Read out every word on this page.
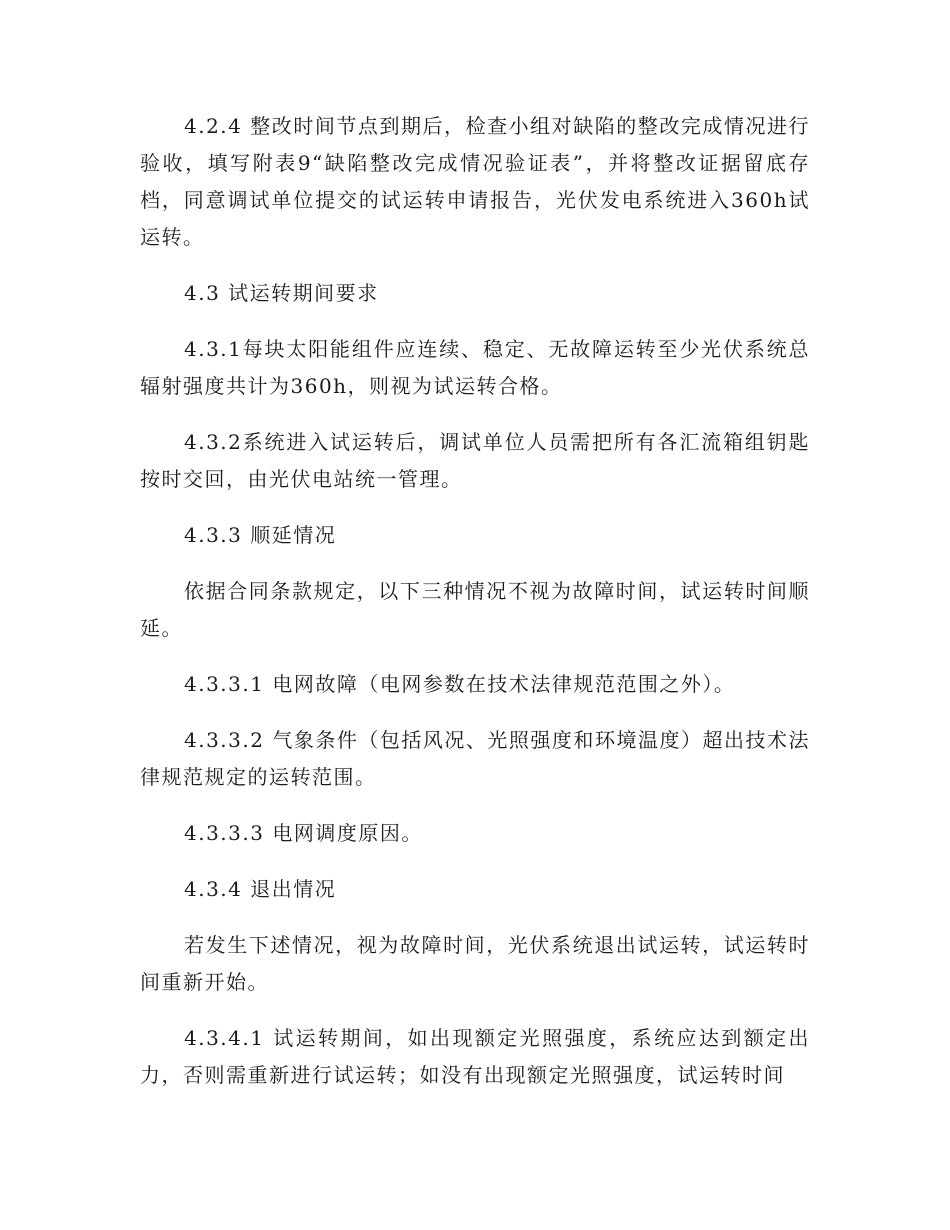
4.2.4 整改时间节点到期后，检查小组对缺陷的整改完成情况进行验收，填写附表9“缺陷整改完成情况验证表”，并将整改证据留底存档，同意调试单位提交的试运转申请报告，光伏发电系统进入360h试运转。

4.3 试运转期间要求

4.3.1每块太阳能组件应连续、稳定、无故障运转至少光伏系统总辐射强度共计为360h，则视为试运转合格。

4.3.2系统进入试运转后，调试单位人员需把所有各汇流箱组钥匙按时交回，由光伏电站统一管理。

4.3.3 顺延情况

依据合同条款规定，以下三种情况不视为故障时间，试运转时间顺延。

4.3.3.1 电网故障（电网参数在技术法律规范范围之外）。

4.3.3.2 气象条件（包括风况、光照强度和环境温度）超出技术法律规范规定的运转范围。

4.3.3.3 电网调度原因。

4.3.4 退出情况

若发生下述情况，视为故障时间，光伏系统退出试运转，试运转时间重新开始。

4.3.4.1 试运转期间，如出现额定光照强度，系统应达到额定出力，否则需重新进行试运转；如没有出现额定光照强度，试运转时间
